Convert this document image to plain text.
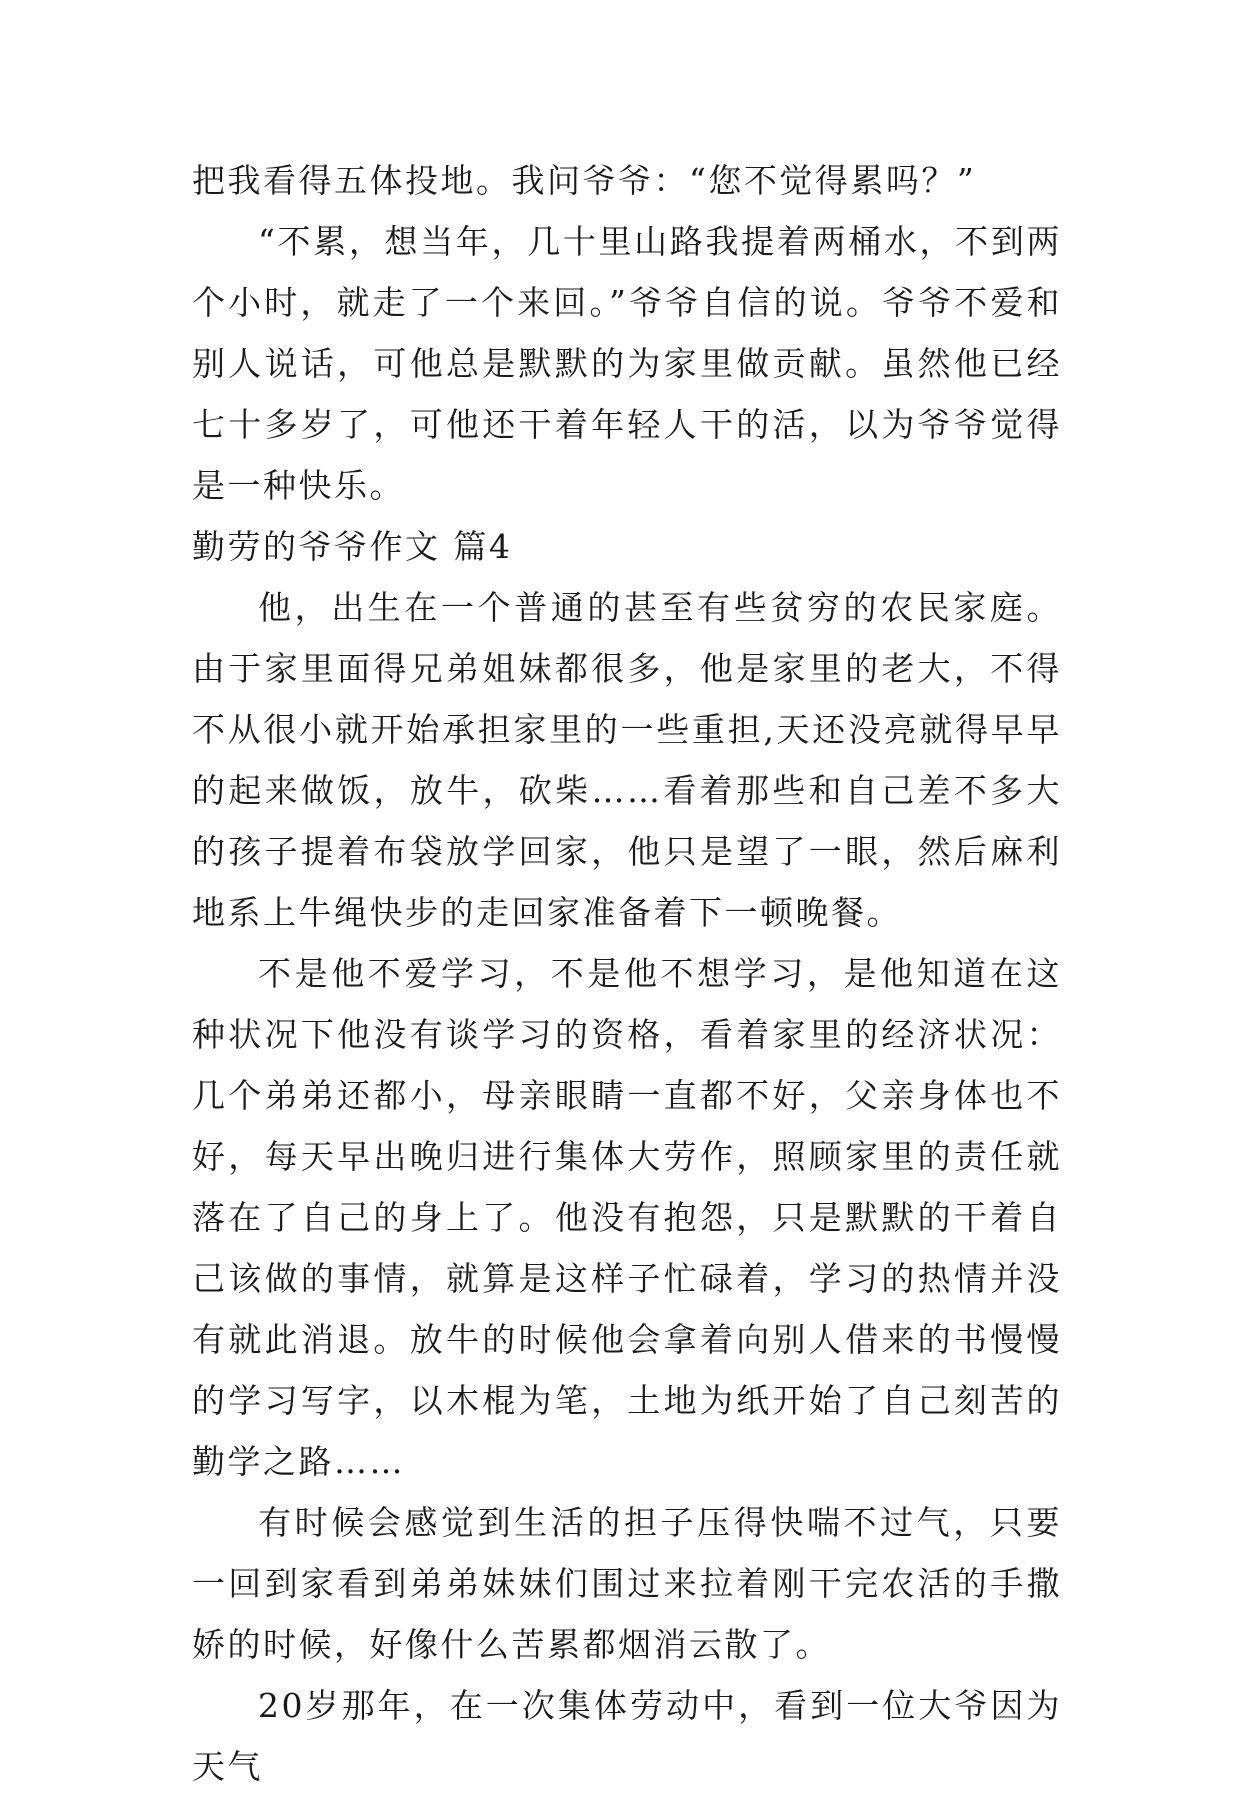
把我看得五体投地。我问爷爷：“您不觉得累吗？”

“不累，想当年，几十里山路我提着两桶水，不到两个小时，就走了一个来回。”爷爷自信的说。爷爷不爱和别人说话，可他总是默默的为家里做贡献。虽然他已经七十多岁了，可他还干着年轻人干的活，以为爷爷觉得是一种快乐。

勤劳的爷爷作文 篇4

他，出生在一个普通的甚至有些贫穷的农民家庭。由于家里面得兄弟姐妹都很多，他是家里的老大，不得不从很小就开始承担家里的一些重担,天还没亮就得早早的起来做饭，放牛，砍柴……看着那些和自己差不多大的孩子提着布袋放学回家，他只是望了一眼，然后麻利地系上牛绳快步的走回家准备着下一顿晚餐。

不是他不爱学习，不是他不想学习，是他知道在这种状况下他没有谈学习的资格，看着家里的经济状况：几个弟弟还都小，母亲眼睛一直都不好，父亲身体也不好，每天早出晚归进行集体大劳作，照顾家里的责任就落在了自己的身上了。他没有抱怨，只是默默的干着自己该做的事情，就算是这样子忙碌着，学习的热情并没有就此消退。放牛的时候他会拿着向别人借来的书慢慢的学习写字，以木棍为笔，土地为纸开始了自己刻苦的勤学之路……

有时候会感觉到生活的担子压得快喘不过气，只要一回到家看到弟弟妹妹们围过来拉着刚干完农活的手撒娇的时候，好像什么苦累都烟消云散了。

20岁那年，在一次集体劳动中，看到一位大爷因为天气
